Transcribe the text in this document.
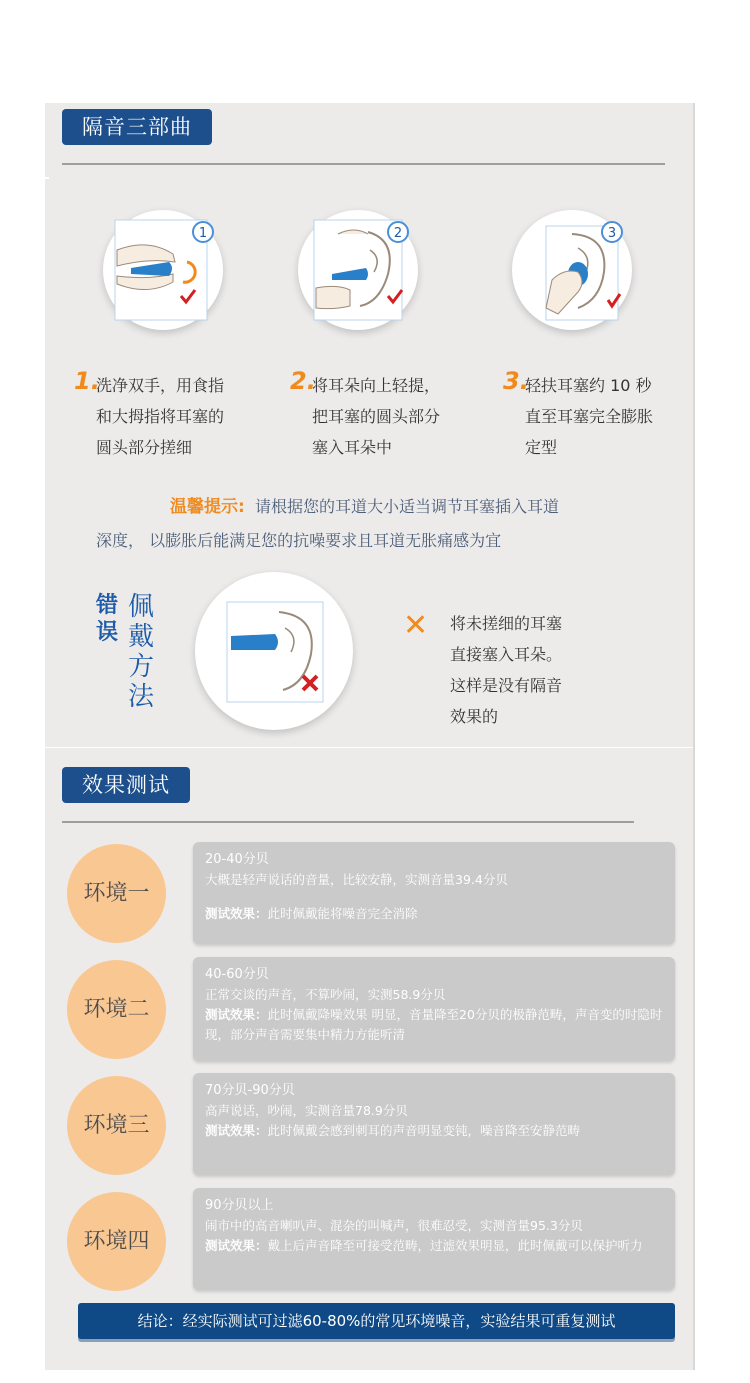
隔音三部曲
1	2	3
1.
洗净双手，用食指
和大拇指将耳塞的
圆头部分搓细
2.
将耳朵向上轻提，
把耳塞的圆头部分
塞入耳朵中
3.
轻扶耳塞约 10 秒
直至耳塞完全膨胀
定型
温馨提示: 请根据您的耳道大小适当调节耳塞插入耳道
深度， 以膨胀后能满足您的抗噪要求且耳道无胀痛感为宜
错
误
佩
戴
方
法
✕ 将未搓细的耳塞
直接塞入耳朵。
这样是没有隔音
效果的
效果测试
环境一
20-40分贝
大概是轻声说话的音量，比较安静，实测音量39.4分贝
测试效果：此时佩戴能将噪音完全消除
环境二
40-60分贝
正常交谈的声音，不算吵闹，实测58.9分贝
测试效果：此时佩戴降噪效果 明显，音量降至20分贝的极静范畴，声音变的时隐时现，部分声音需要集中精力方能听清
环境三
70分贝-90分贝
高声说话，吵闹，实测音量78.9分贝
测试效果：此时佩戴会感到刺耳的声音明显变钝，噪音降至安静范畴
环境四
90分贝以上
闹市中的高音喇叭声、混杂的叫喊声，很难忍受，实测音量95.3分贝
测试效果：戴上后声音降至可接受范畴，过滤效果明显，此时佩戴可以保护听力
结论：经实际测试可过滤60-80%的常见环境噪音，实验结果可重复测试
